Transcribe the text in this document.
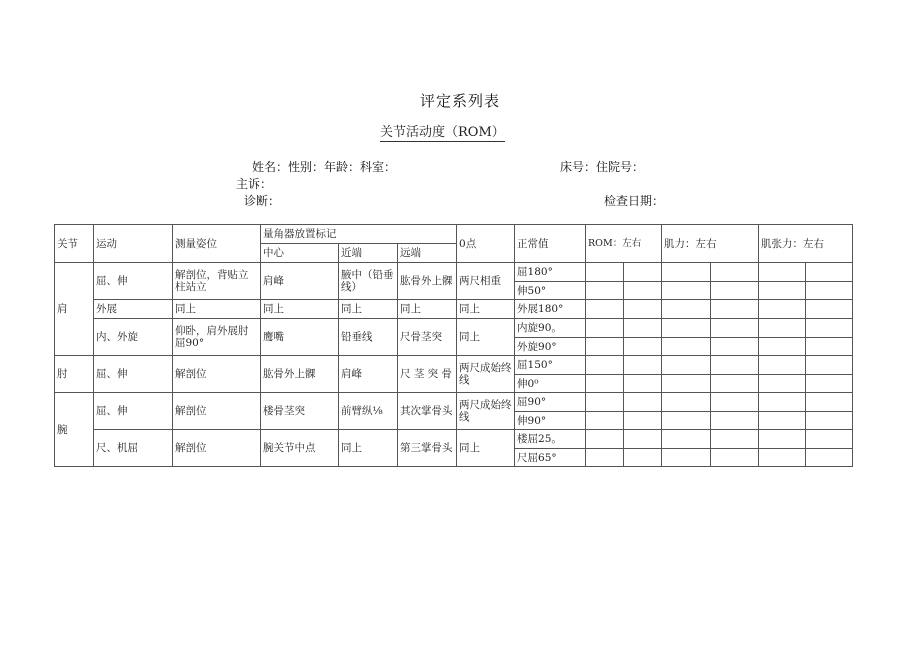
评定系列表
关节活动度（ROM）
姓名：性别：年龄：科室：	床号：住院号：
主诉：
诊断：	检查日期：
关节	运动	测量姿位	量角器放置标记			0点	正常值	ROM：左右		肌力：左右		肌张力：左右	
			中心	近端	远端								
肩	屈、伸	解剖位，背贴立柱站立	肩峰	腋中（铅垂线）	肱骨外上髁	两尺相重	屈180°						
							伸50°						
	外展	同上	同上	同上	同上	同上	外展180°						
	内、外旋	仰卧，肩外展肘屈90°	鹰嘴	铅垂线	尺骨茎突	同上	内旋90。						
							外旋90°						
肘	屈、伸	解剖位	肱骨外上髁	肩峰	尺 茎 突 骨	两尺成始终线	屈150°						
							伸0⁰						
腕	屈、伸	解剖位	楼骨茎突	前臂纵⅛	其次掌骨头	两尺成始终线	屈90°						
							伸90°						
	尺、机屈	解剖位	腕关节中点	同上	第三掌骨头	同上	楼屈25。						
							尺屈65°						
